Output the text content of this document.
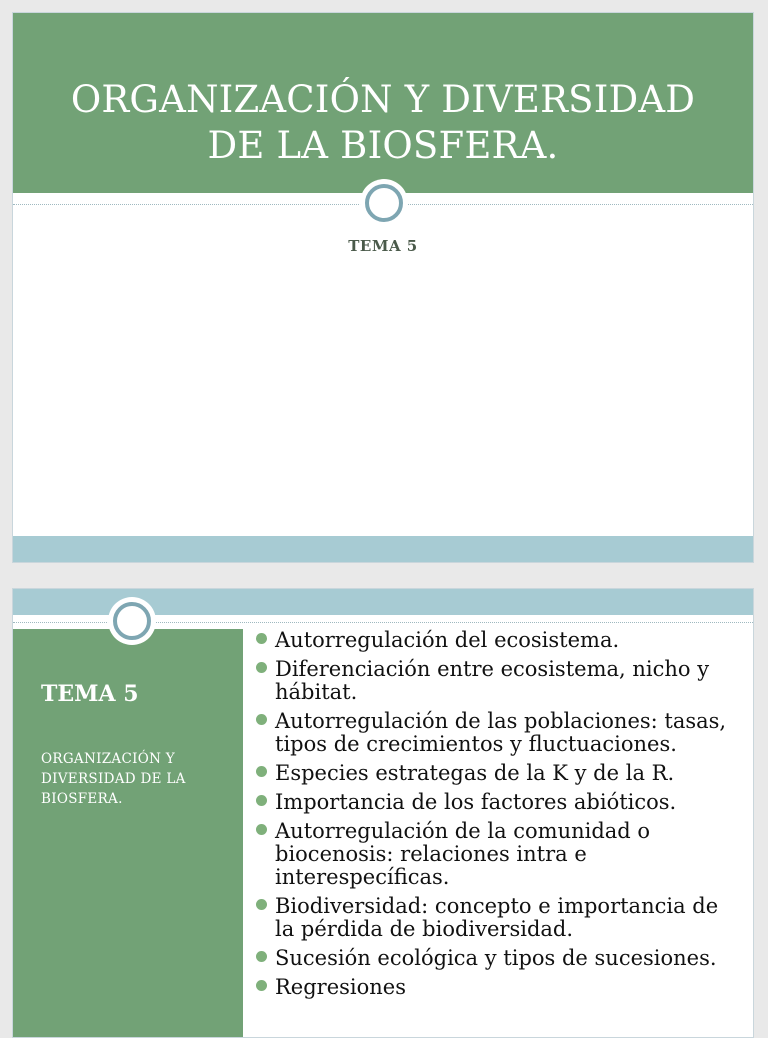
ORGANIZACIÓN Y DIVERSIDAD
DE LA BIOSFERA.
TEMA 5
TEMA 5
ORGANIZACIÓN Y DIVERSIDAD DE LA BIOSFERA.
Autorregulación del ecosistema.
Diferenciación entre ecosistema, nicho y hábitat.
Autorregulación de las poblaciones: tasas, tipos de crecimientos y fluctuaciones.
Especies estrategas de la K y de la R.
Importancia de los factores abióticos.
Autorregulación de la comunidad o biocenosis: relaciones intra e interespecíficas.
Biodiversidad: concepto e importancia de la pérdida de biodiversidad.
Sucesión ecológica y tipos de sucesiones.
Regresiones
